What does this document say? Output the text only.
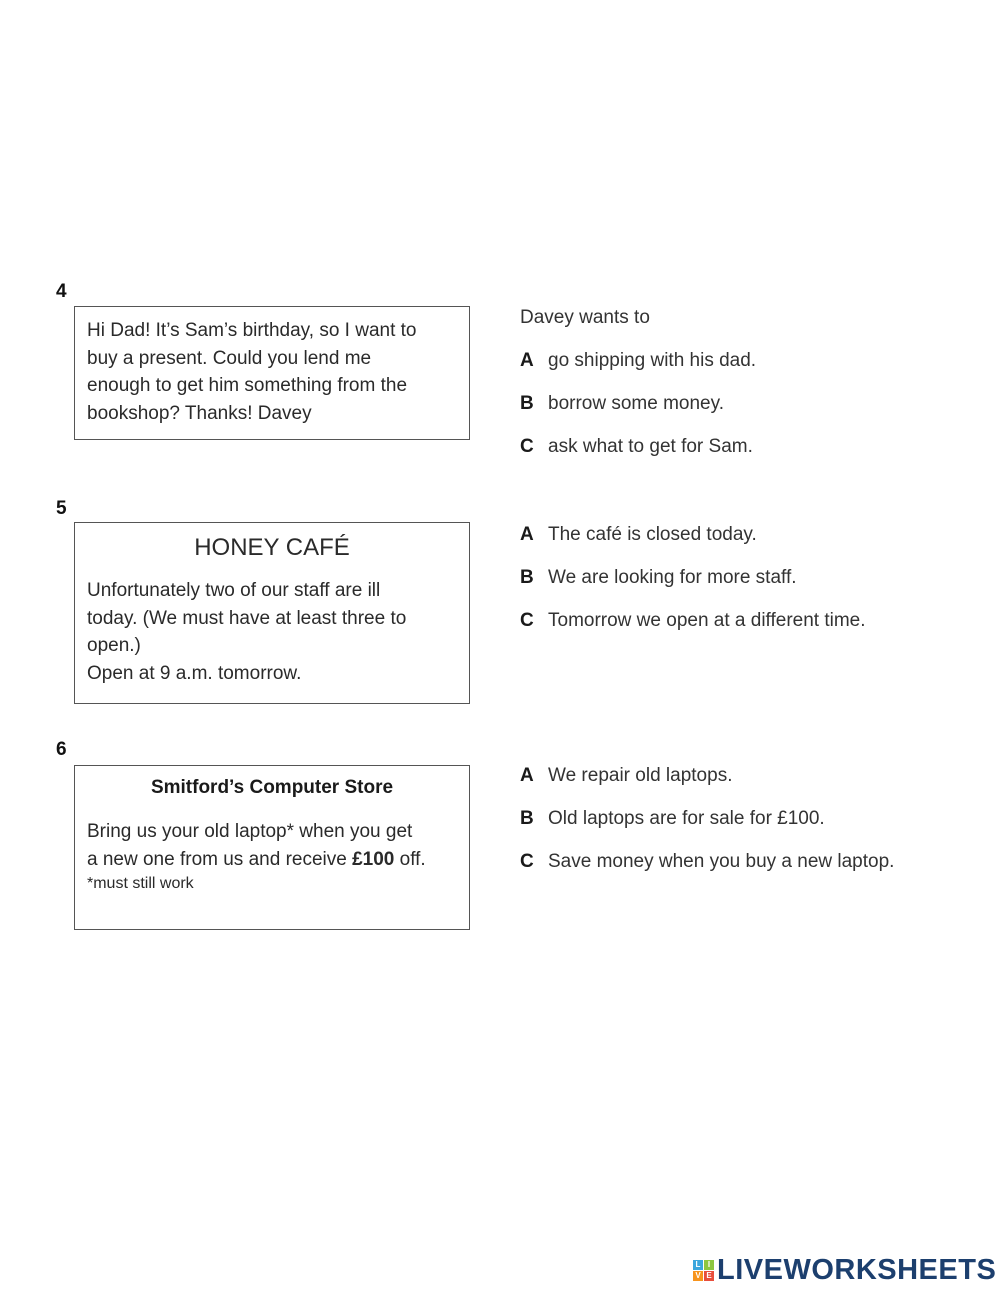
4

Hi Dad! It’s Sam’s birthday, so I want to

buy a present. Could you lend me

enough to get him something from the

bookshop? Thanks! Davey

Davey wants to
A go shipping with his dad.
B borrow some money.
C ask what to get for Sam.
5
HONEY CAFÉ

Unfortunately two of our staff are ill

today. (We must have at least three to

open.)

Open at 9 a.m. tomorrow.

A The café is closed today.
B We are looking for more staff.
C Tomorrow we open at a different time.
6
Smitford’s Computer Store

Bring us your old laptop* when you get

a new one from us and receive £100 off.

*must still work

A We repair old laptops.
B Old laptops are for sale for £100.
C Save money when you buy a new laptop.
L I
V E LIVEWORKSHEETS
